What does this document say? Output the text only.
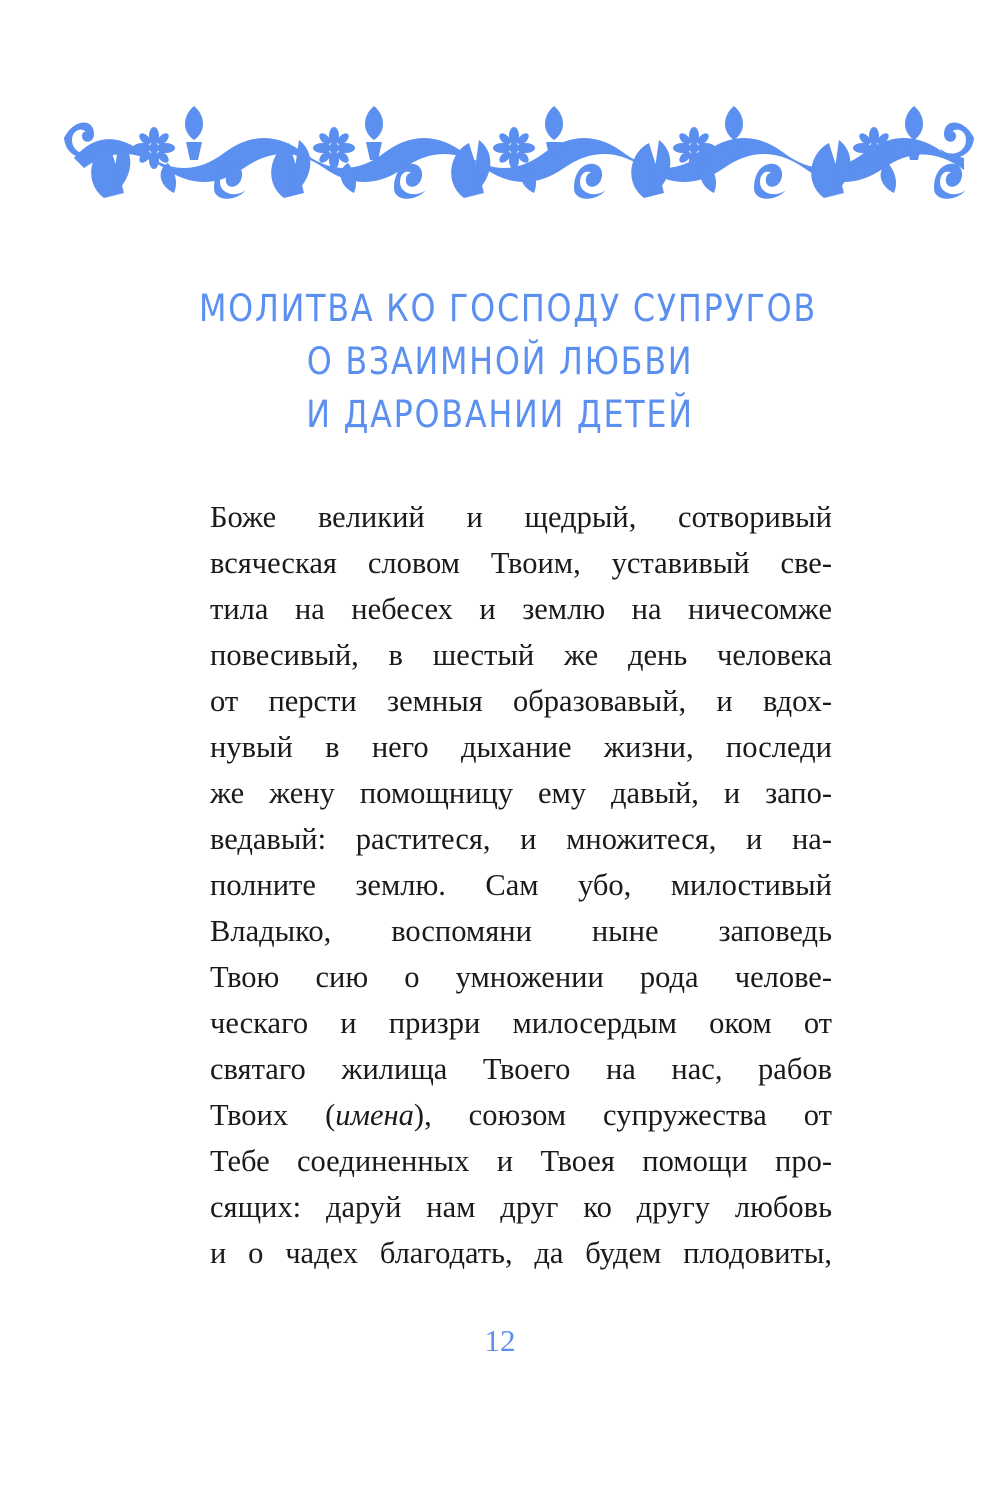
МОЛИТВА КО ГОСПОДУ СУПРУГОВ
О ВЗАИМНОЙ ЛЮБВИ
И ДАРОВАНИИ ДЕТЕЙ
Боже великий и щедрый, сотворивый
всяческая словом Твоим, уставивый све-
тила на небесех и землю на ничесомже
повесивый, в шестый же день человека
от персти земныя образовавый, и вдох-
нувый в него дыхание жизни, последи
же жену помощницу ему давый, и запо-
ведавый: раститеся, и множитеся, и на-
полните землю. Сам убо, милостивый
Владыко, воспомяни ныне заповедь
Твою сию о умножении рода челове-
ческаго и призри милосердым оком от
святаго жилища Твоего на нас, рабов
Твоих (имена), союзом супружества от
Тебе соединенных и Твоея помощи про-
сящих: даруй нам друг ко другу любовь
и о чадех благодать, да будем плодовиты,
12
